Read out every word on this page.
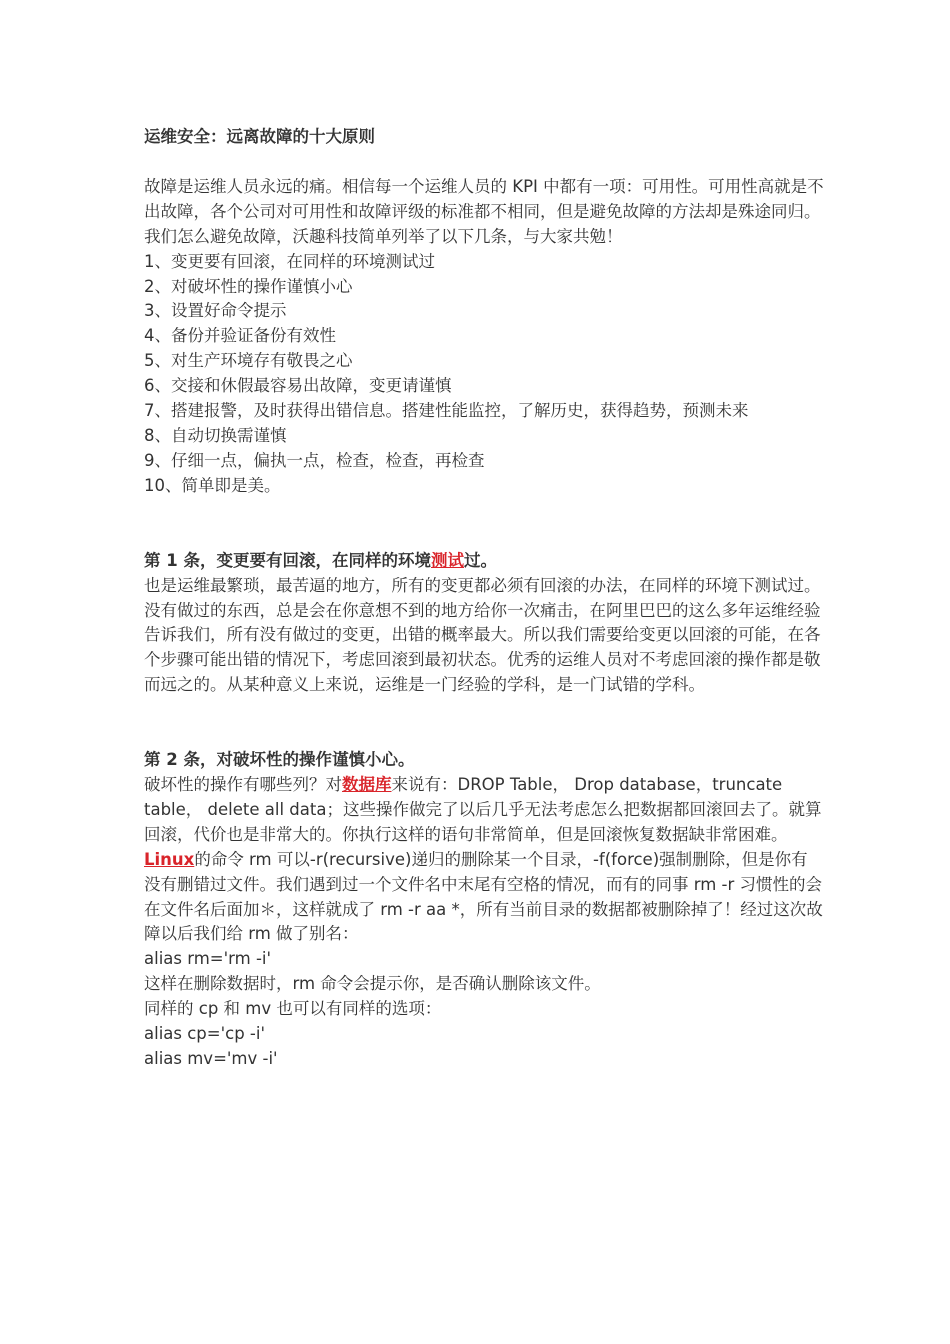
运维安全：远离故障的十大原则

故障是运维人员永远的痛。相信每一个运维人员的 KPI 中都有一项：可用性。可用性高就是不出故障，各个公司对可用性和故障评级的标准都不相同，但是避免故障的方法却是殊途同归。我们怎么避免故障，沃趣科技简单列举了以下几条，与大家共勉！

1、变更要有回滚，在同样的环境测试过

2、对破坏性的操作谨慎小心

3、设置好命令提示

4、备份并验证备份有效性

5、对生产环境存有敬畏之心

6、交接和休假最容易出故障，变更请谨慎

7、搭建报警，及时获得出错信息。搭建性能监控，了解历史，获得趋势，预测未来

8、自动切换需谨慎

9、仔细一点，偏执一点，检查，检查，再检查

10、简单即是美。

第 1 条，变更要有回滚，在同样的环境测试过。

也是运维最繁琐，最苦逼的地方，所有的变更都必须有回滚的办法，在同样的环境下测试过。没有做过的东西，总是会在你意想不到的地方给你一次痛击，在阿里巴巴的这么多年运维经验告诉我们，所有没有做过的变更，出错的概率最大。所以我们需要给变更以回滚的可能，在各个步骤可能出错的情况下，考虑回滚到最初状态。优秀的运维人员对不考虑回滚的操作都是敬而远之的。从某种意义上来说，运维是一门经验的学科，是一门试错的学科。

第 2 条，对破坏性的操作谨慎小心。

破坏性的操作有哪些列？对数据库来说有：DROP Table， Drop database，truncate table， delete all data；这些操作做完了以后几乎无法考虑怎么把数据都回滚回去了。就算回滚，代价也是非常大的。你执行这样的语句非常简单，但是回滚恢复数据缺非常困难。Linux的命令 rm 可以-r(recursive)递归的删除某一个目录，-f(force)强制删除，但是你有没有删错过文件。我们遇到过一个文件名中末尾有空格的情况，而有的同事 rm -r 习惯性的会在文件名后面加＊，这样就成了 rm -r aa *，所有当前目录的数据都被删除掉了！经过这次故障以后我们给 rm 做了别名：

alias rm='rm -i'

这样在删除数据时，rm 命令会提示你，是否确认删除该文件。

同样的 cp 和 mv 也可以有同样的选项：

alias cp='cp -i'

alias mv='mv -i'
